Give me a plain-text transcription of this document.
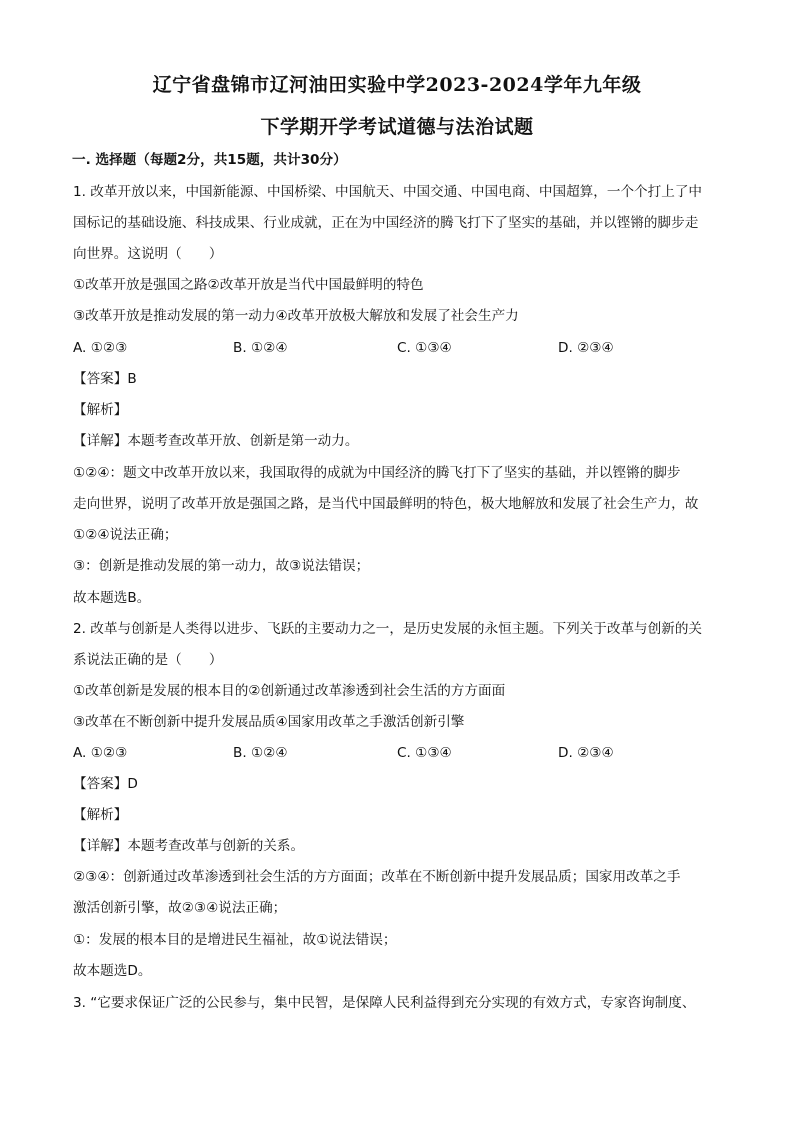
辽宁省盘锦市辽河油田实验中学2023-2024学年九年级
下学期开学考试道德与法治试题
一. 选择题（每题2分，共15题，共计30分）
1. 改革开放以来，中国新能源、中国桥梁、中国航天、中国交通、中国电商、中国超算，一个个打上了中
国标记的基础设施、科技成果、行业成就，正在为中国经济的腾飞打下了坚实的基础，并以铿锵的脚步走
向世界。这说明（　　）
①改革开放是强国之路②改革开放是当代中国最鲜明的特色
③改革开放是推动发展的第一动力④改革开放极大解放和发展了社会生产力
A. ①②③	B. ①②④	C. ①③④	D. ②③④
【答案】B
【解析】
【详解】本题考查改革开放、创新是第一动力。
①②④：题文中改革开放以来，我国取得的成就为中国经济的腾飞打下了坚实的基础，并以铿锵的脚步
走向世界，说明了改革开放是强国之路，是当代中国最鲜明的特色，极大地解放和发展了社会生产力，故
①②④说法正确；
③：创新是推动发展的第一动力，故③说法错误；
故本题选B。
2. 改革与创新是人类得以进步、飞跃的主要动力之一，是历史发展的永恒主题。下列关于改革与创新的关
系说法正确的是（　　）
①改革创新是发展的根本目的②创新通过改革渗透到社会生活的方方面面
③改革在不断创新中提升发展品质④国家用改革之手激活创新引擎
A. ①②③	B. ①②④	C. ①③④	D. ②③④
【答案】D
【解析】
【详解】本题考查改革与创新的关系。
②③④：创新通过改革渗透到社会生活的方方面面；改革在不断创新中提升发展品质；国家用改革之手
激活创新引擎，故②③④说法正确；
①：发展的根本目的是增进民生福祉，故①说法错误；
故本题选D。
3. “它要求保证广泛的公民参与，集中民智，是保障人民利益得到充分实现的有效方式，专家咨询制度、
